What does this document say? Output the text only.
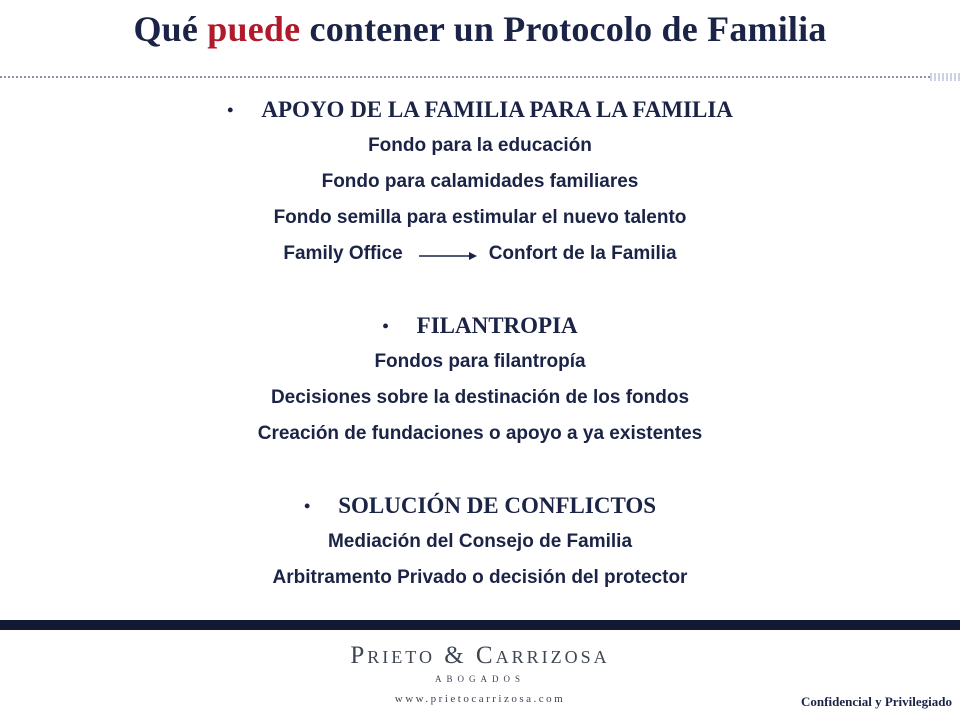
Qué puede contener un Protocolo de Familia
• APOYO DE LA FAMILIA PARA LA FAMILIA
Fondo para la educación
Fondo para calamidades familiares
Fondo semilla para estimular el nuevo talento
Family Office	Confort de la Familia
• FILANTROPIA
Fondos para filantropía
Decisiones sobre la destinación de los fondos
Creación de fundaciones o apoyo a ya existentes
• SOLUCIÓN DE CONFLICTOS
Mediación del Consejo de Familia
Arbitramento Privado o decisión del protector
Prieto & Carrizosa
ABOGADOS
www.prietocarrizosa.com	Confidencial y Privilegiado
